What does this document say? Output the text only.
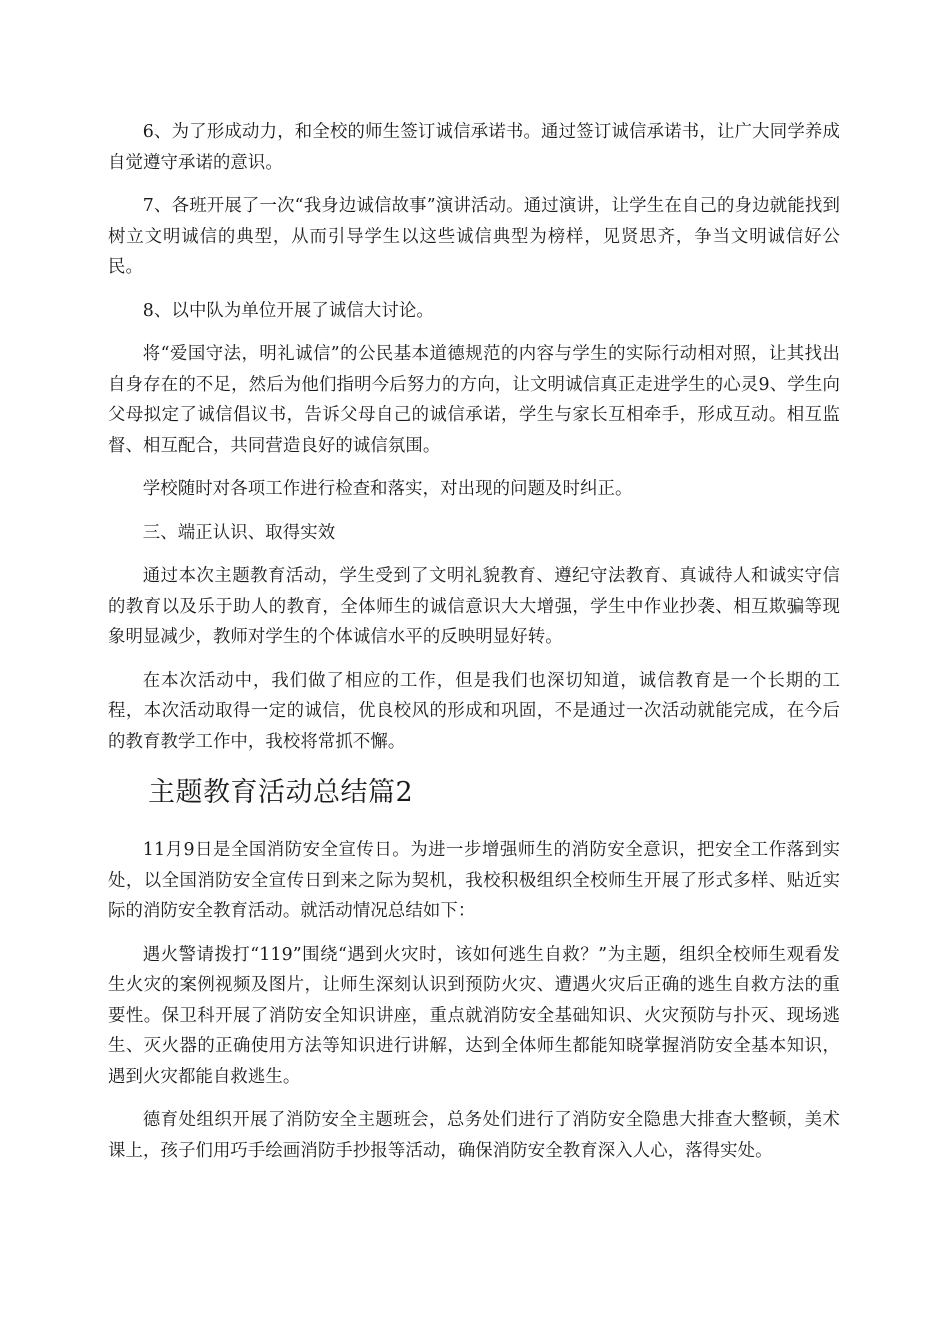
6、为了形成动力，和全校的师生签订诚信承诺书。通过签订诚信承诺书，让广大同学养成自觉遵守承诺的意识。

7、各班开展了一次“我身边诚信故事”演讲活动。通过演讲，让学生在自己的身边就能找到树立文明诚信的典型，从而引导学生以这些诚信典型为榜样，见贤思齐，争当文明诚信好公民。

8、以中队为单位开展了诚信大讨论。

将“爱国守法，明礼诚信”的公民基本道德规范的内容与学生的实际行动相对照，让其找出自身存在的不足，然后为他们指明今后努力的方向，让文明诚信真正走进学生的心灵9、学生向父母拟定了诚信倡议书，告诉父母自己的诚信承诺，学生与家长互相牵手，形成互动。相互监督、相互配合，共同营造良好的诚信氛围。

学校随时对各项工作进行检查和落实，对出现的问题及时纠正。

三、端正认识、取得实效

通过本次主题教育活动，学生受到了文明礼貌教育、遵纪守法教育、真诚待人和诚实守信的教育以及乐于助人的教育，全体师生的诚信意识大大增强，学生中作业抄袭、相互欺骗等现象明显减少，教师对学生的个体诚信水平的反映明显好转。

在本次活动中，我们做了相应的工作，但是我们也深切知道，诚信教育是一个长期的工程，本次活动取得一定的诚信，优良校风的形成和巩固，不是通过一次活动就能完成，在今后的教育教学工作中，我校将常抓不懈。

主题教育活动总结篇2

11月9日是全国消防安全宣传日。为进一步增强师生的消防安全意识，把安全工作落到实处，以全国消防安全宣传日到来之际为契机，我校积极组织全校师生开展了形式多样、贴近实际的消防安全教育活动。就活动情况总结如下：

遇火警请拨打“119”围绕“遇到火灾时，该如何逃生自救？”为主题，组织全校师生观看发生火灾的案例视频及图片，让师生深刻认识到预防火灾、遭遇火灾后正确的逃生自救方法的重要性。保卫科开展了消防安全知识讲座，重点就消防安全基础知识、火灾预防与扑灭、现场逃生、灭火器的正确使用方法等知识进行讲解，达到全体师生都能知晓掌握消防安全基本知识，遇到火灾都能自救逃生。

德育处组织开展了消防安全主题班会，总务处们进行了消防安全隐患大排查大整顿，美术课上，孩子们用巧手绘画消防手抄报等活动，确保消防安全教育深入人心，落得实处。
